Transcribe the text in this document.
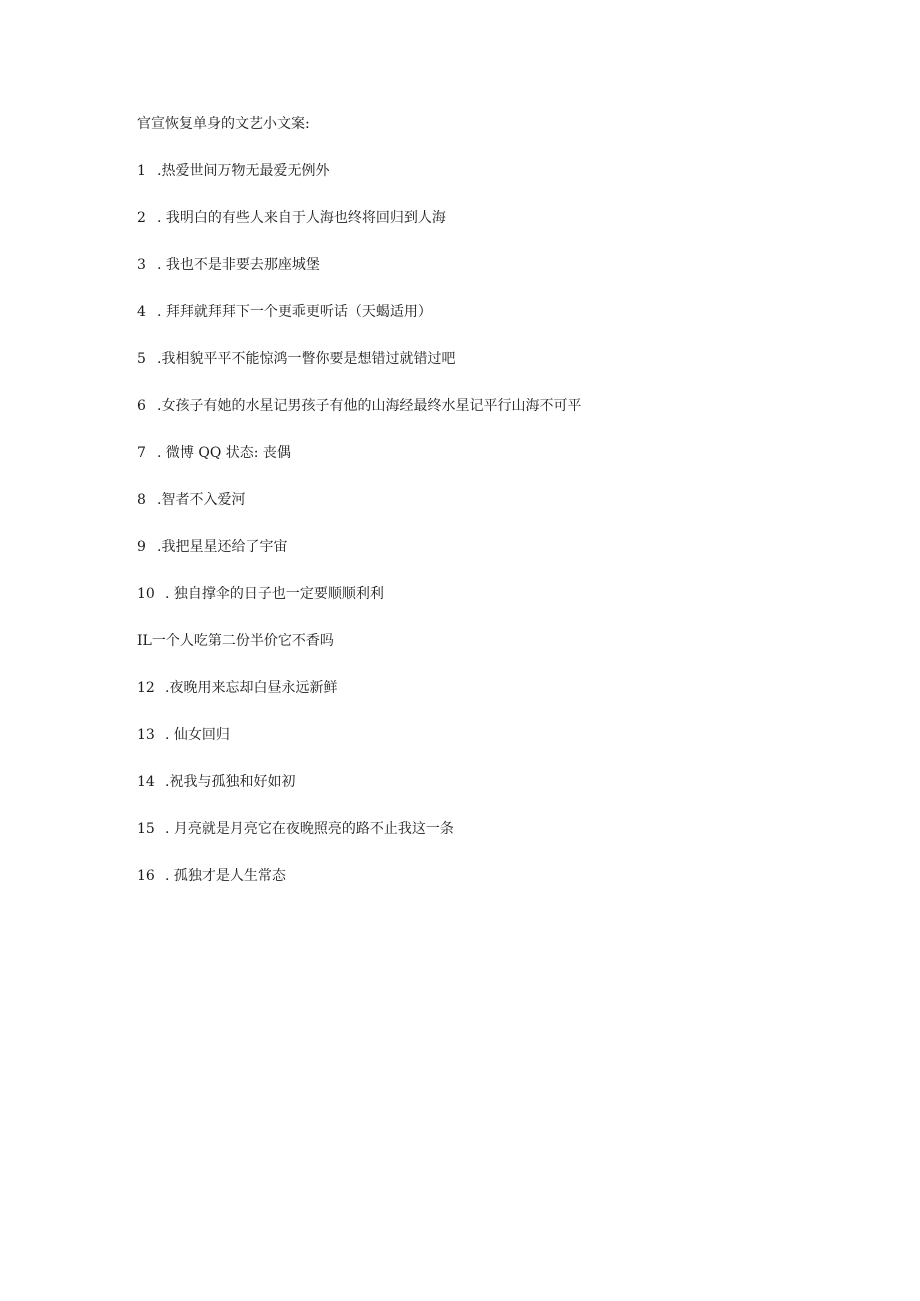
官宣恢复单身的文艺小文案:
1 .热爱世间万物无最爱无例外
2 . 我明白的有些人来自于人海也终将回归到人海
3 . 我也不是非要去那座城堡
4 . 拜拜就拜拜下一个更乖更听话（天蝎适用）
5 .我相貌平平不能惊鸿一瞥你要是想错过就错过吧
6 .女孩子有她的水星记男孩子有他的山海经最终水星记平行山海不可平
7 . 微博 QQ 状态: 丧偶
8 .智者不入爱河
9 .我把星星还给了宇宙
10 . 独自撑伞的日子也一定要顺顺利利
IL 一个人吃第二份半价它不香吗
12 .夜晚用来忘却白昼永远新鲜
13 . 仙女回归
14 .祝我与孤独和好如初
15 . 月亮就是月亮它在夜晚照亮的路不止我这一条
16 . 孤独才是人生常态
